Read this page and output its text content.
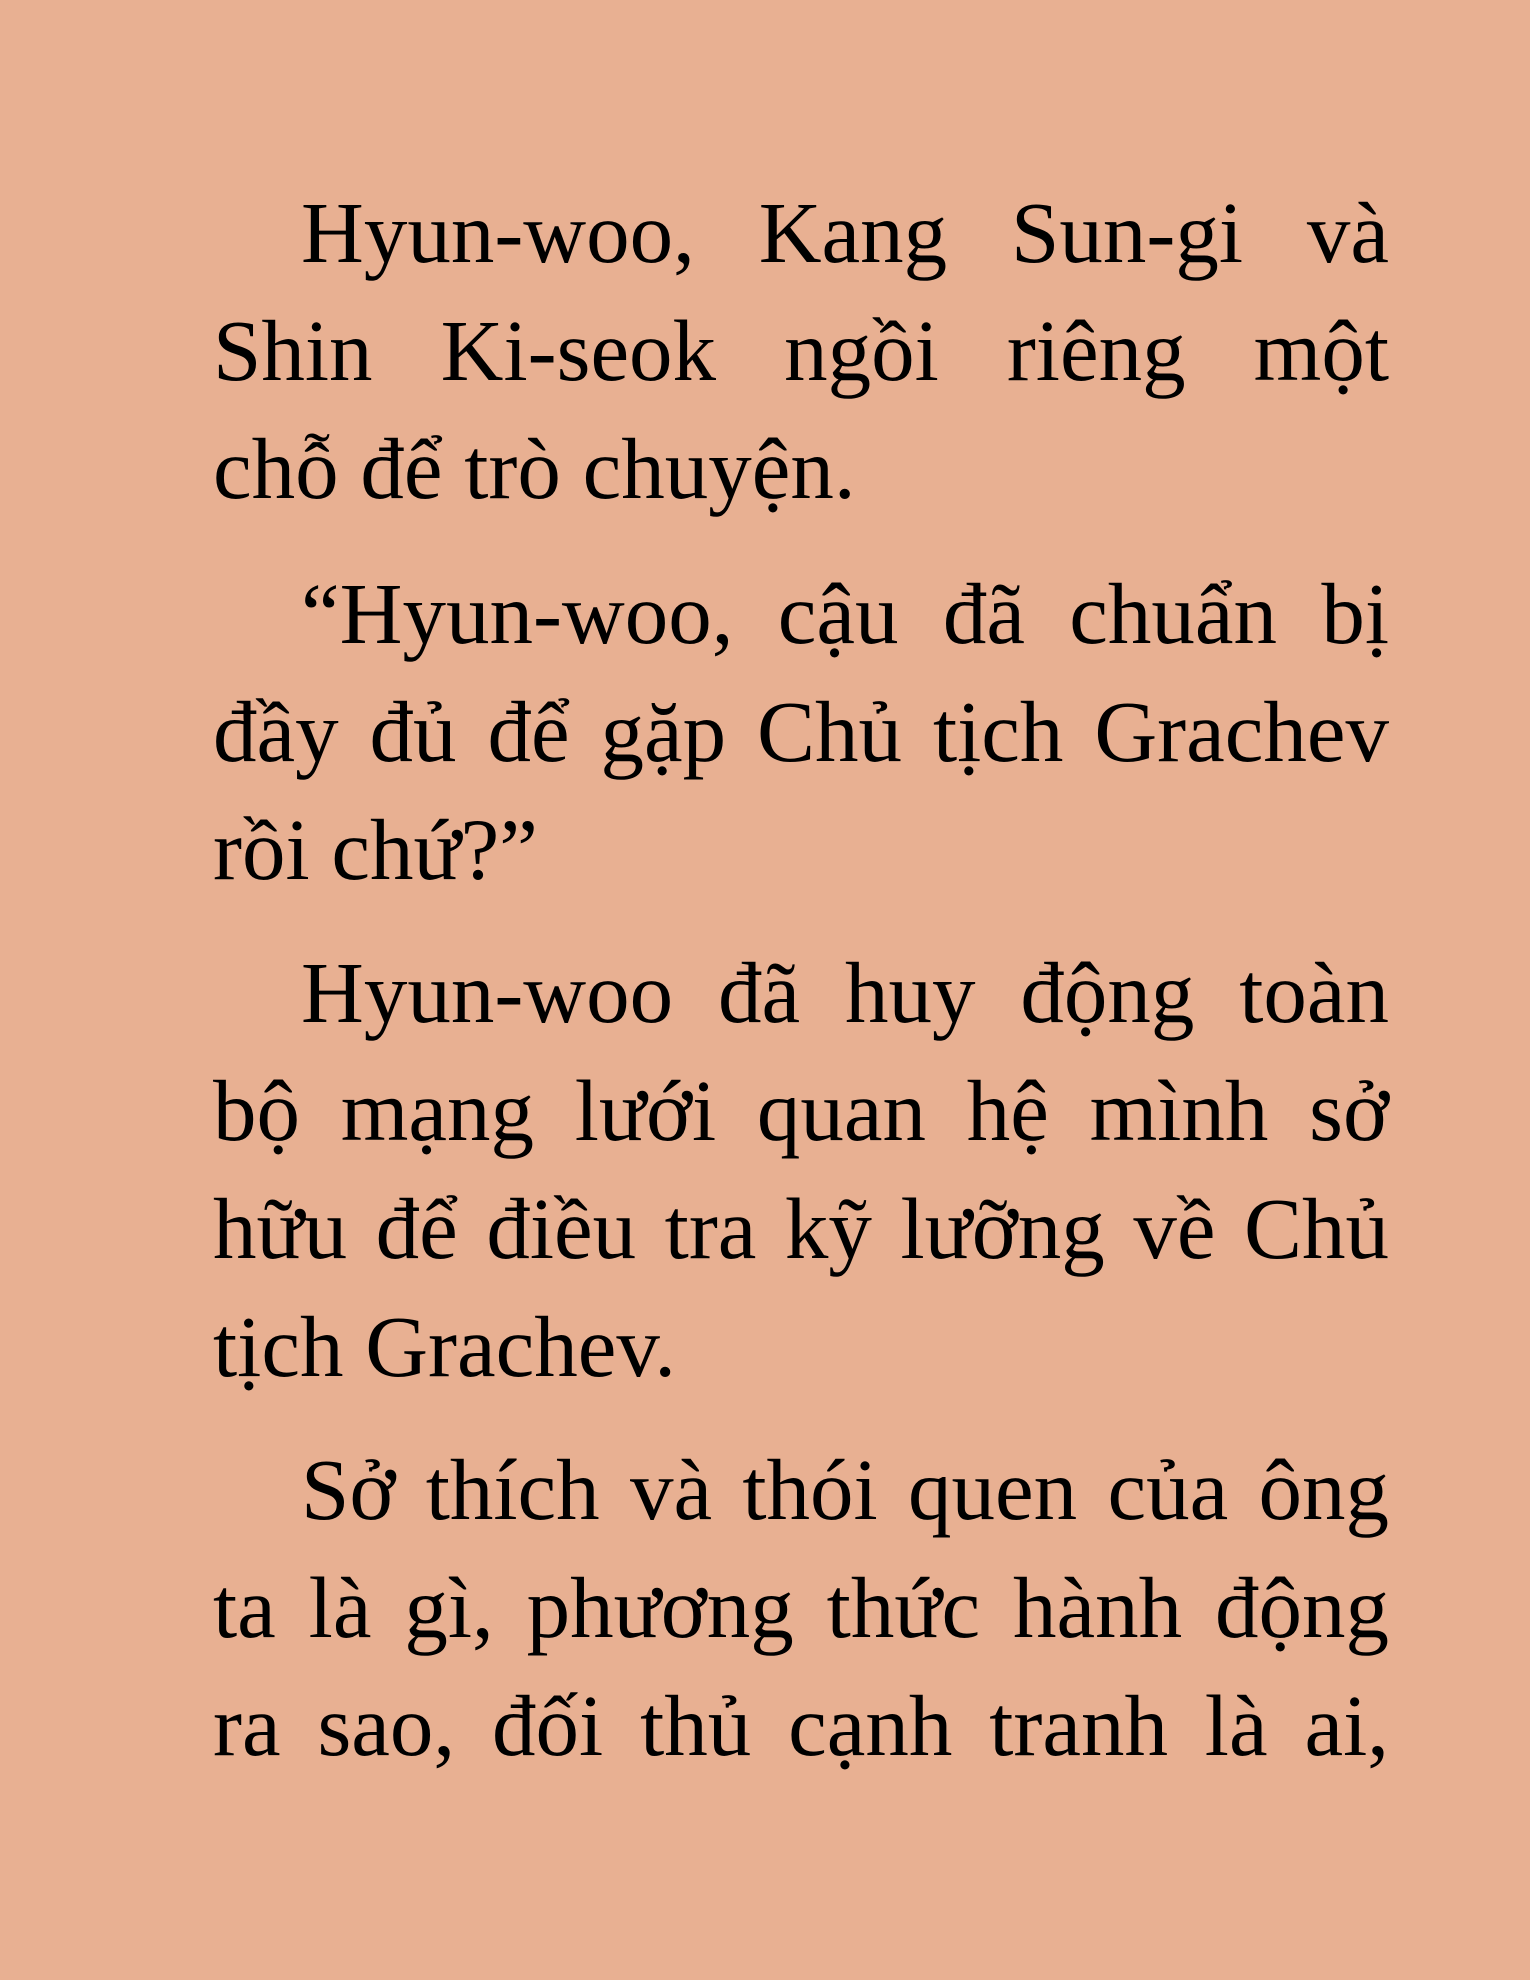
Hyun-woo, Kang Sun-gi và
Shin Ki-seok ngồi riêng một
chỗ để trò chuyện.
“Hyun-woo, cậu đã chuẩn bị
đầy đủ để gặp Chủ tịch Grachev
rồi chứ?”
Hyun-woo đã huy động toàn
bộ mạng lưới quan hệ mình sở
hữu để điều tra kỹ lưỡng về Chủ
tịch Grachev.
Sở thích và thói quen của ông
ta là gì, phương thức hành động
ra sao, đối thủ cạnh tranh là ai,
